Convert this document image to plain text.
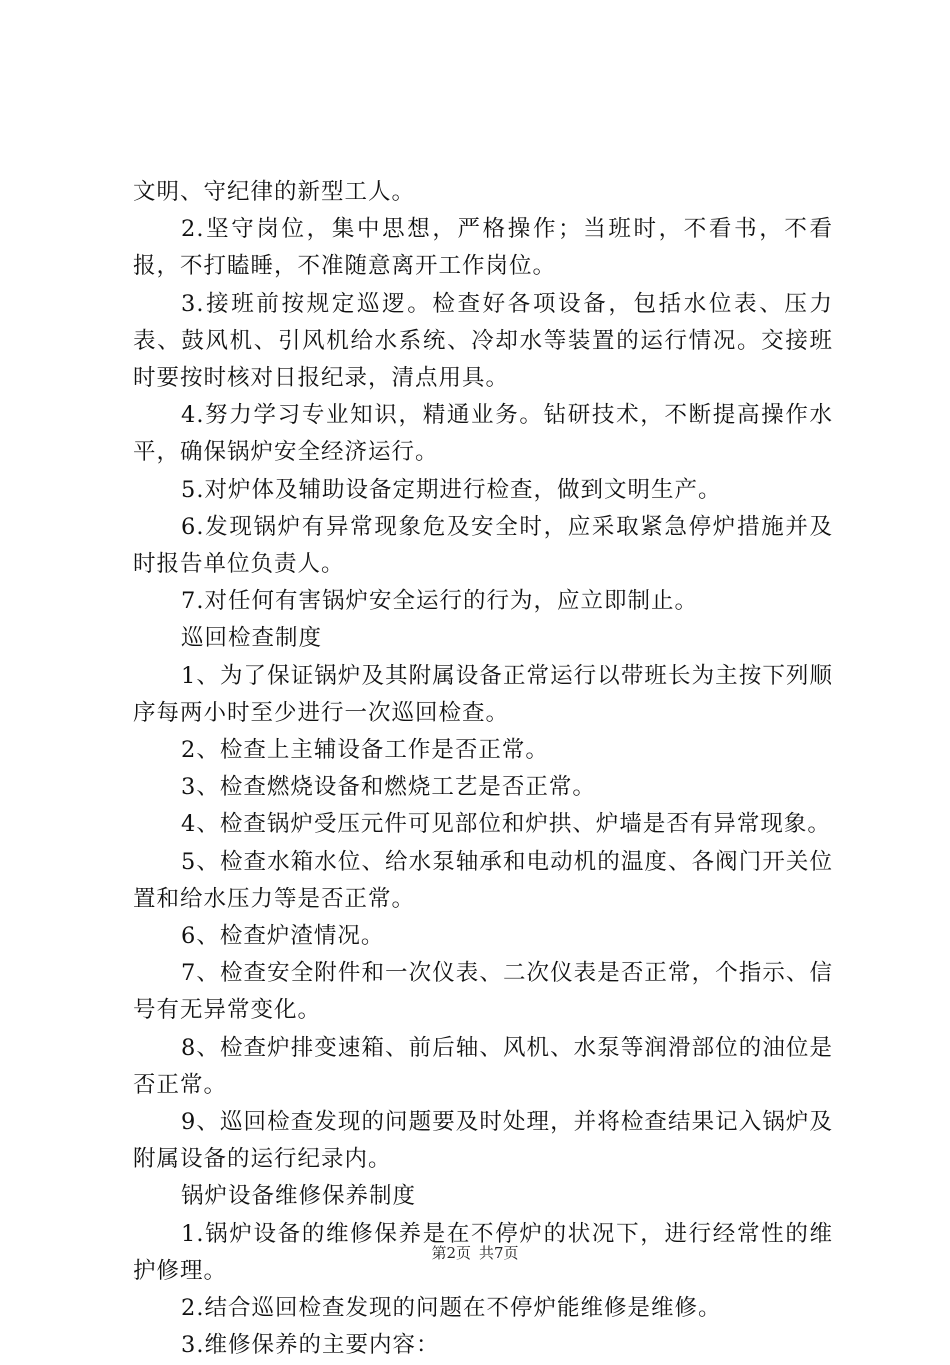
文明、守纪律的新型工人。

2.坚守岗位，集中思想，严格操作；当班时，不看书，不看报，不打瞌睡，不准随意离开工作岗位。

3.接班前按规定巡逻。检查好各项设备，包括水位表、压力表、鼓风机、引风机给水系统、冷却水等装置的运行情况。交接班时要按时核对日报纪录，清点用具。

4.努力学习专业知识，精通业务。钻研技术，不断提高操作水平，确保锅炉安全经济运行。

5.对炉体及辅助设备定期进行检查，做到文明生产。

6.发现锅炉有异常现象危及安全时，应采取紧急停炉措施并及时报告单位负责人。

7.对任何有害锅炉安全运行的行为，应立即制止。

巡回检查制度

1、为了保证锅炉及其附属设备正常运行以带班长为主按下列顺序每两小时至少进行一次巡回检查。

2、检查上主辅设备工作是否正常。

3、检查燃烧设备和燃烧工艺是否正常。

4、检查锅炉受压元件可见部位和炉拱、炉墙是否有异常现象。

5、检查水箱水位、给水泵轴承和电动机的温度、各阀门开关位置和给水压力等是否正常。

6、检查炉渣情况。

7、检查安全附件和一次仪表、二次仪表是否正常，个指示、信号有无异常变化。

8、检查炉排变速箱、前后轴、风机、水泵等润滑部位的油位是否正常。

9、巡回检查发现的问题要及时处理，并将检查结果记入锅炉及附属设备的运行纪录内。

锅炉设备维修保养制度

1.锅炉设备的维修保养是在不停炉的状况下，进行经常性的维护修理。

2.结合巡回检查发现的问题在不停炉能维修是维修。

3.维修保养的主要内容：

第2页 共7页
